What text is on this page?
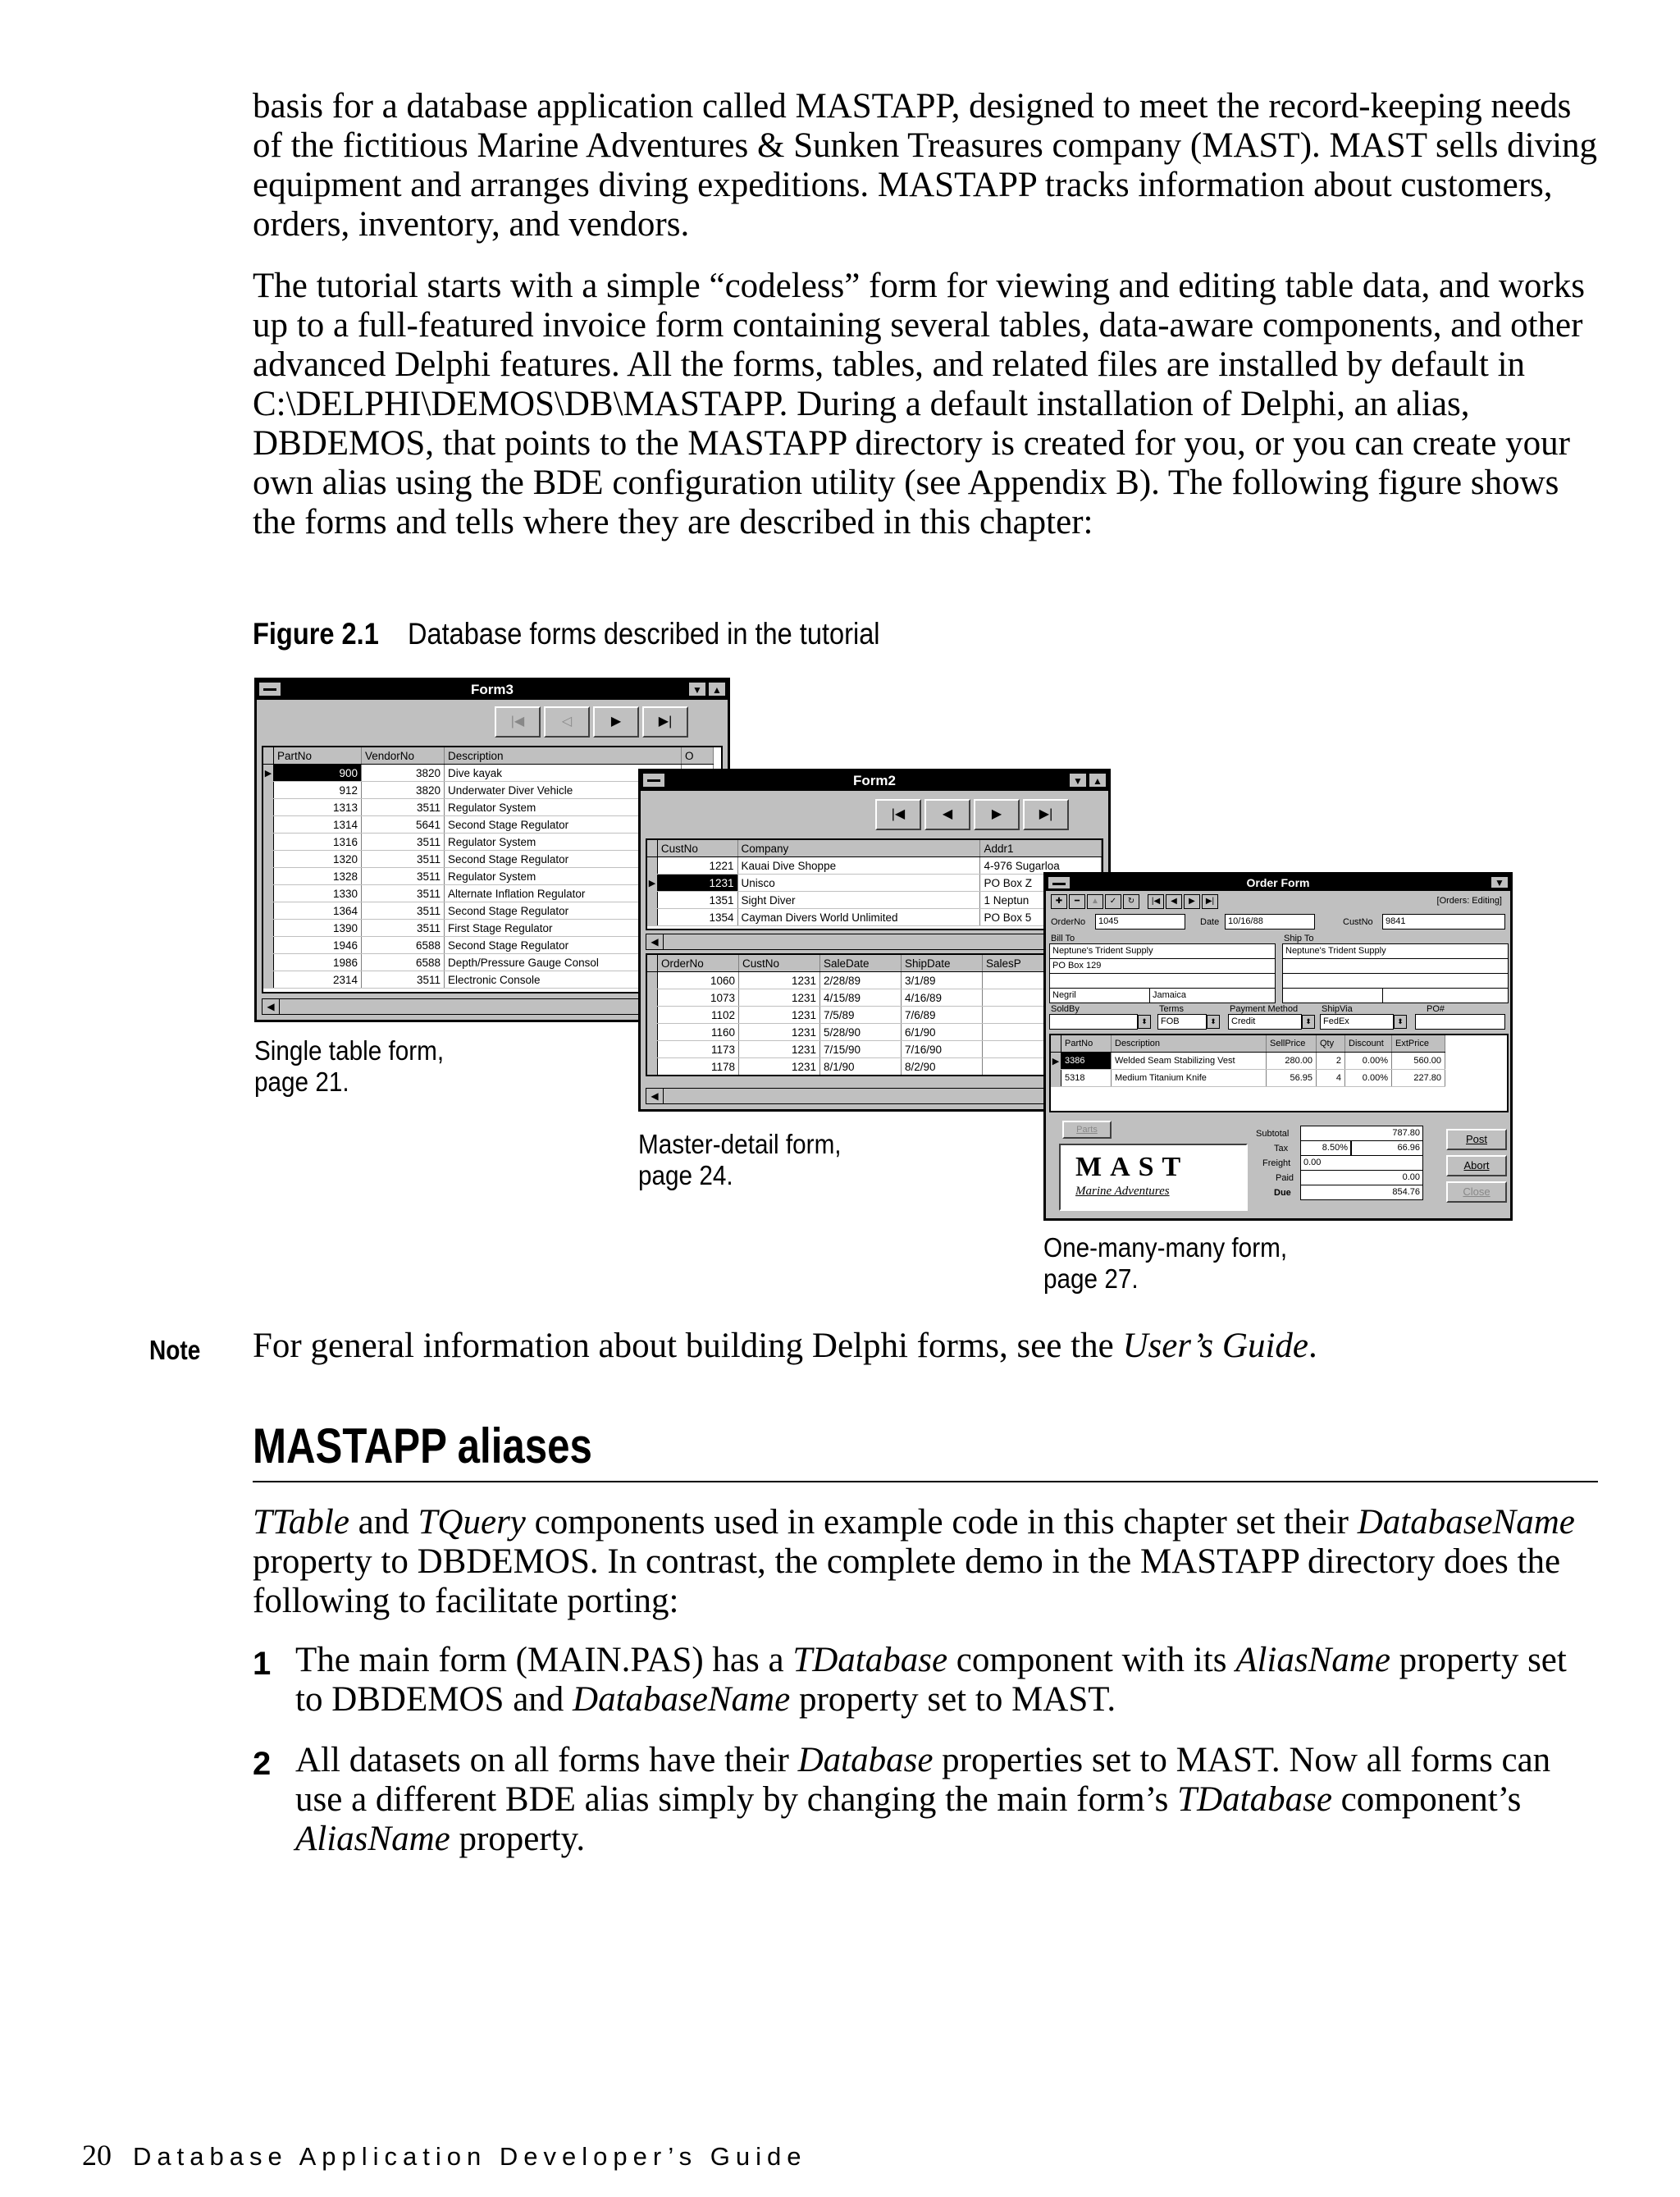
basis for a database application called MASTAPP, designed to meet the record-keeping needs of the fictitious Marine Adventures & Sunken Treasures company (MAST). MAST sells diving equipment and arranges diving expeditions. MASTAPP tracks information about customers, orders, inventory, and vendors.

The tutorial starts with a simple “codeless” form for viewing and editing table data, and works up to a full-featured invoice form containing several tables, data-aware components, and other advanced Delphi features. All the forms, tables, and related files are installed by default in C:\DELPHI\DEMOS\DB\MASTAPP. During a default installation of Delphi, an alias, DBDEMOS, that points to the MASTAPP directory is created for you, or you can create your own alias using the BDE configuration utility (see Appendix B). The following figure shows the forms and tells where they are described in this chapter:

Figure 2.1 Database forms described in the tutorial
Form3	▼	▲
|◀	◁	▶	▶|
	PartNo	VendorNo	Description	O
▶	900	3820	Dive kayak	
	912	3820	Underwater Diver Vehicle	
	1313	3511	Regulator System	
	1314	5641	Second Stage Regulator	
	1316	3511	Regulator System	
	1320	3511	Second Stage Regulator	
	1328	3511	Regulator System	
	1330	3511	Alternate Inflation Regulator	
	1364	3511	Second Stage Regulator	
	1390	3511	First Stage Regulator	
	1946	6588	Second Stage Regulator	
	1986	6588	Depth/Pressure Gauge Consol	
	2314	3511	Electronic Console	
◀
Form2	▼	▲
|◀	◀	▶	▶|
	CustNo	Company	Addr1
	1221	Kauai Dive Shoppe	4-976 Sugarloa
▶	1231	Unisco	PO Box Z
	1351	Sight Diver	1 Neptun
	1354	Cayman Divers World Unlimited	PO Box 5
◀
	OrderNo	CustNo	SaleDate	ShipDate	SalesP
	1060	1231	2/28/89	3/1/89	
	1073	1231	4/15/89	4/16/89	
	1102	1231	7/5/89	7/6/89	
	1160	1231	5/28/90	6/1/90	
	1173	1231	7/15/90	7/16/90	
	1178	1231	8/1/90	8/2/90	
◀
Order Form	▼
✚	━	▲	✓	↻	|◀	◀	▶	▶|	[Orders: Editing]
OrderNo	1045	Date 10/16/88	CustNo	9841
Bill To
Neptune's Trident Supply
PO Box 129
Negril	Jamaica
Ship To
Neptune's Trident Supply
SoldBy
⬍
Terms
FOB	⬍
Payment Method
Credit	⬍
ShipVia
FedEx	⬍
PO#
	PartNo	Description	SellPrice	Qty	Discount	ExtPrice
▶	3386	Welded Seam Stabilizing Vest	280.00	2	0.00%	560.00
	5318	Medium Titanium Knife	56.95	4	0.00%	227.80
Parts
MAST
Marine Adventures
Subtotal	787.80
Tax	8.50%	66.96
Freight	0.00
Paid	0.00
Due	854.76
Post
Abort
Close
Single table form,
page 21.
Master-detail form,
page 24.
One-many-many form,
page 27.
Note For general information about building Delphi forms, see the User’s Guide.

MASTAPP aliases

TTable and TQuery components used in example code in this chapter set their DatabaseName property to DBDEMOS. In contrast, the complete demo in the MASTAPP directory does the following to facilitate porting:

1 The main form (MAIN.PAS) has a TDatabase component with its AliasName property set to DBDEMOS and DatabaseName property set to MAST.

2 All datasets on all forms have their Database properties set to MAST. Now all forms can use a different BDE alias simply by changing the main form’s TDatabase component’s AliasName property.

20 Database Application Developer’s Guide
